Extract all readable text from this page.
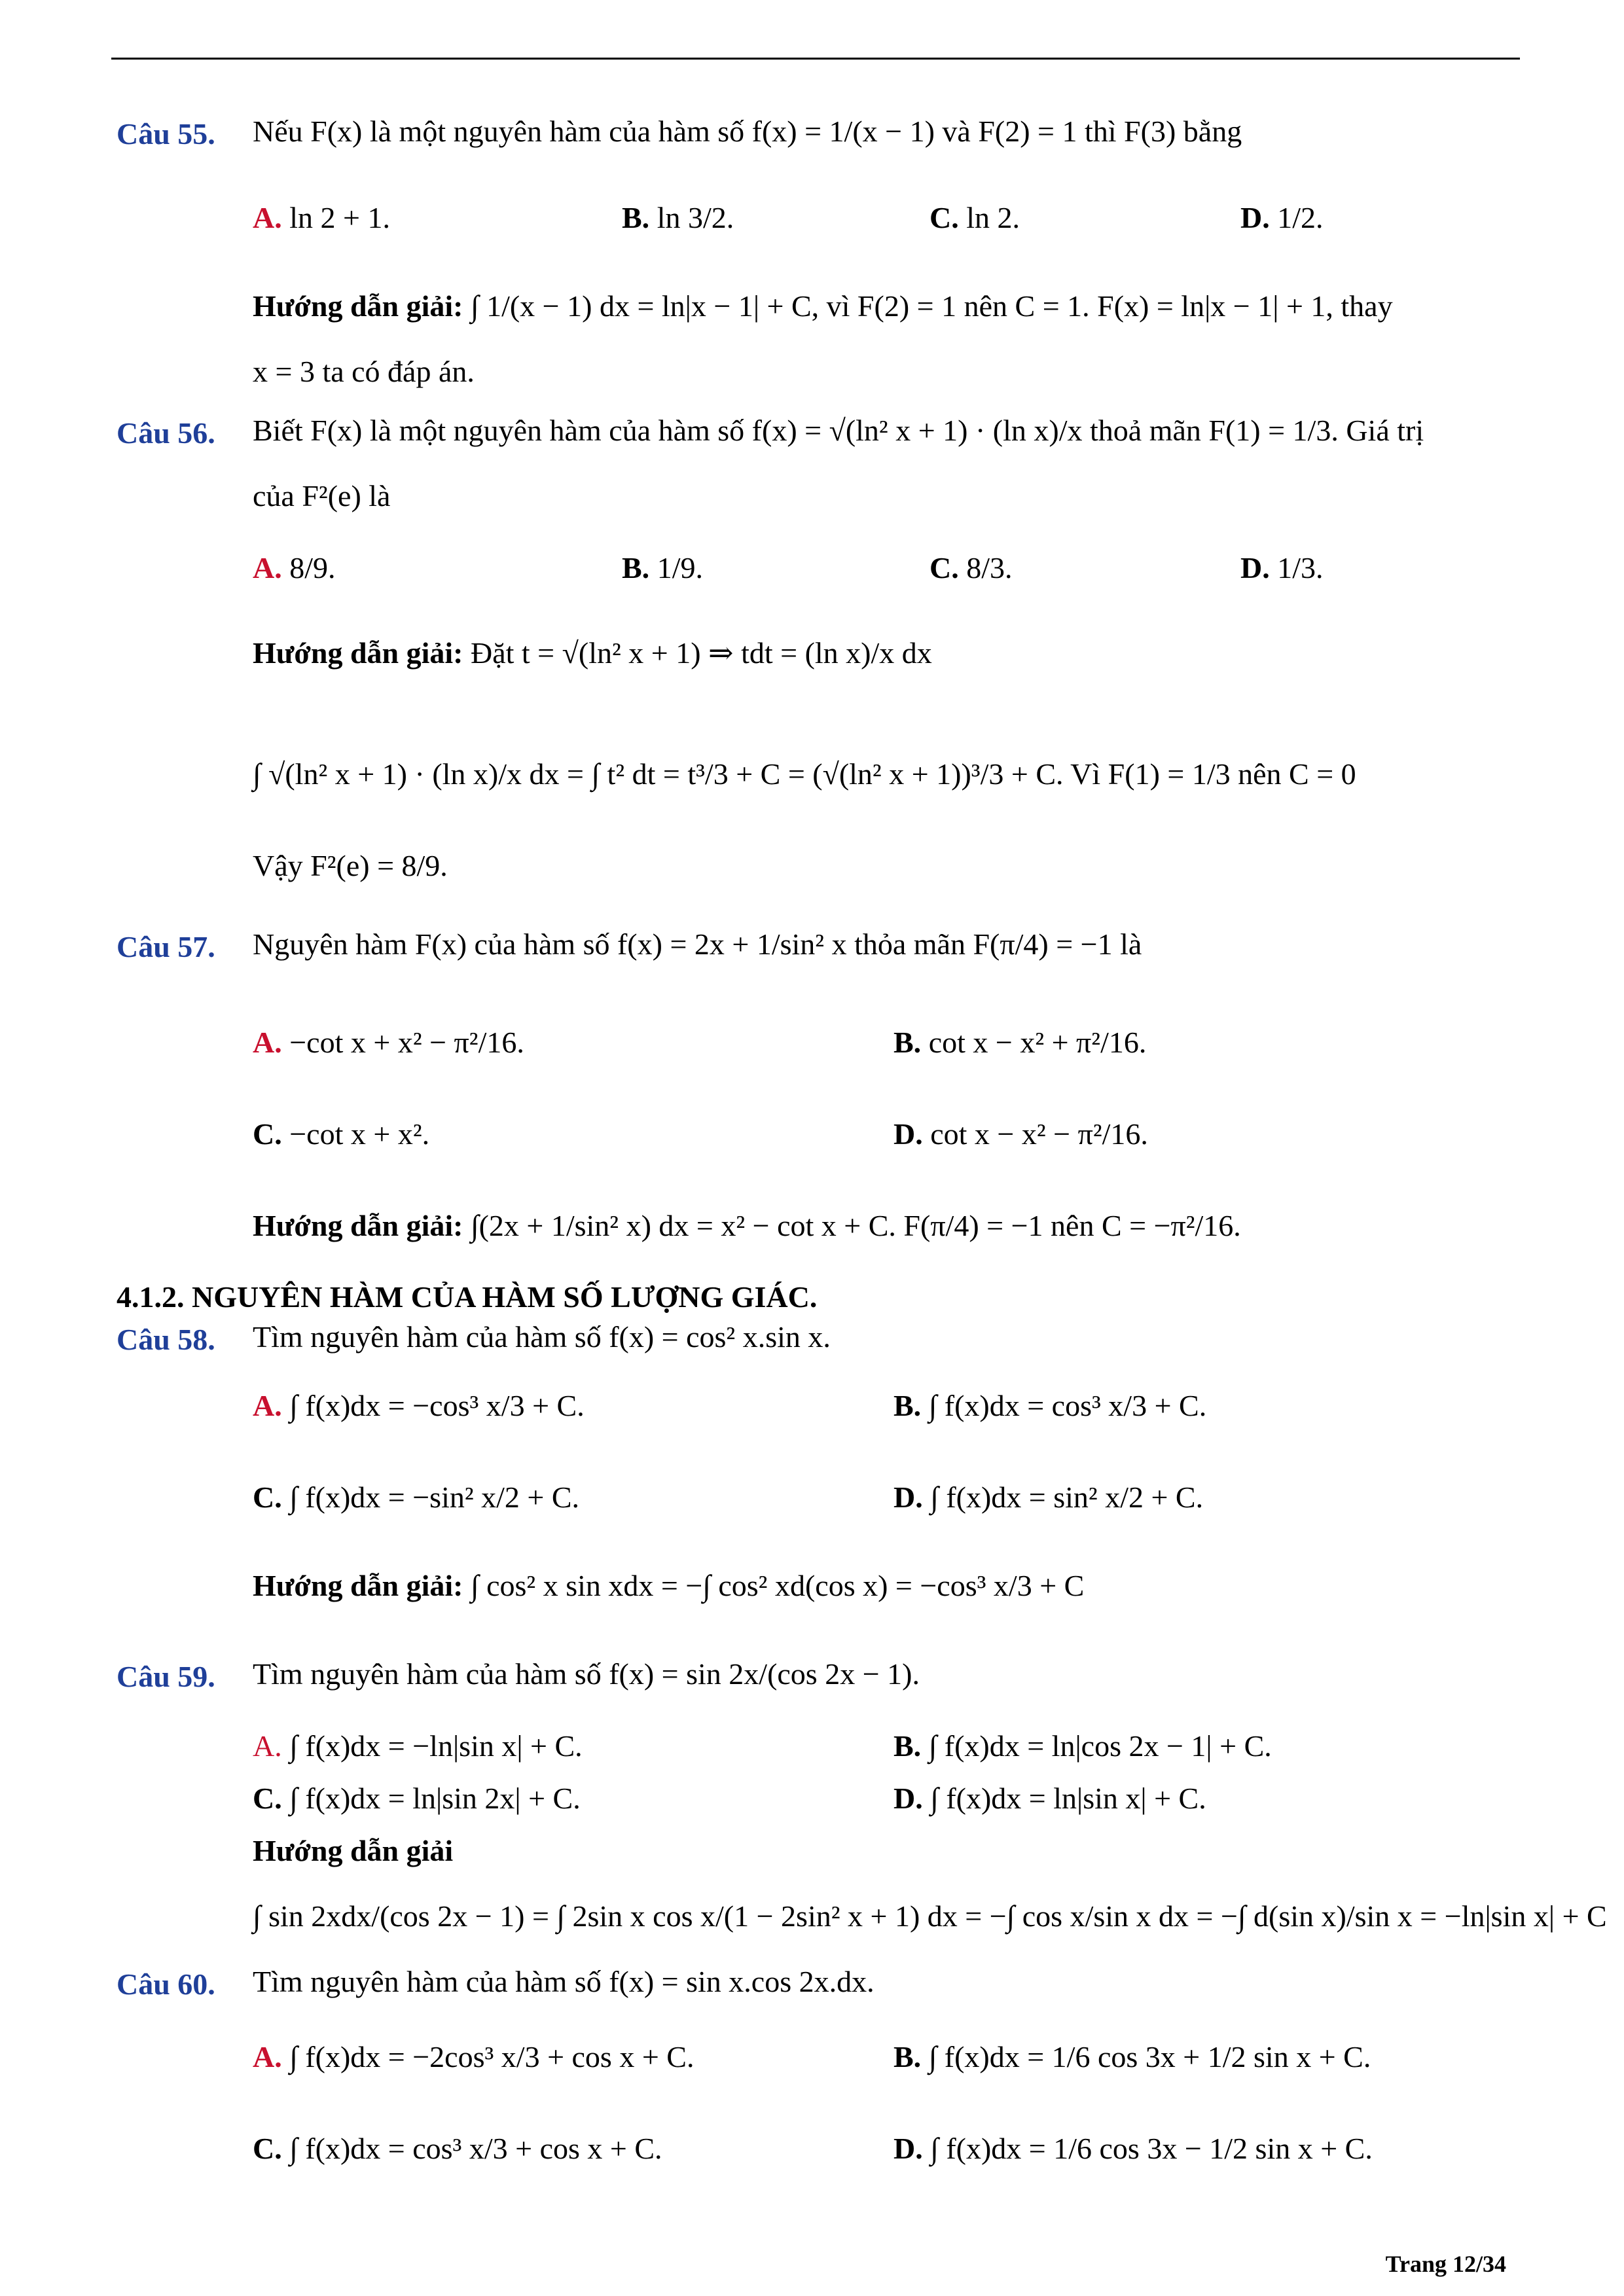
Câu 55. Nếu F(x) là một nguyên hàm của hàm số f(x) = 1/(x − 1) và F(2) = 1 thì F(3) bằng
A. ln 2 + 1.	B. ln 3/2.	C. ln 2.	D. 1/2.
Hướng dẫn giải: ∫ 1/(x − 1) dx = ln|x − 1| + C, vì F(2) = 1 nên C = 1. F(x) = ln|x − 1| + 1, thay
x = 3 ta có đáp án.
Câu 56. Biết F(x) là một nguyên hàm của hàm số f(x) = √(ln² x + 1) · (ln x)/x thoả mãn F(1) = 1/3. Giá trị
của F²(e) là
A. 8/9.	B. 1/9.	C. 8/3.	D. 1/3.
Hướng dẫn giải: Đặt t = √(ln² x + 1) ⇒ tdt = (ln x)/x dx
∫ √(ln² x + 1) · (ln x)/x dx = ∫ t² dt = t³/3 + C = (√(ln² x + 1))³/3 + C. Vì F(1) = 1/3 nên C = 0
Vậy F²(e) = 8/9.
Câu 57. Nguyên hàm F(x) của hàm số f(x) = 2x + 1/sin² x thỏa mãn F(π/4) = −1 là
A. −cot x + x² − π²/16.	B. cot x − x² + π²/16.
C. −cot x + x².	D. cot x − x² − π²/16.
Hướng dẫn giải: ∫(2x + 1/sin² x) dx = x² − cot x + C. F(π/4) = −1 nên C = −π²/16.
4.1.2. NGUYÊN HÀM CỦA HÀM SỐ LƯỢNG GIÁC.
Câu 58. Tìm nguyên hàm của hàm số f(x) = cos² x.sin x.
A. ∫ f(x)dx = −cos³ x/3 + C.	B. ∫ f(x)dx = cos³ x/3 + C.
C. ∫ f(x)dx = −sin² x/2 + C.	D. ∫ f(x)dx = sin² x/2 + C.
Hướng dẫn giải: ∫ cos² x sin xdx = −∫ cos² xd(cos x) = −cos³ x/3 + C
Câu 59. Tìm nguyên hàm của hàm số f(x) = sin 2x/(cos 2x − 1).
A. ∫ f(x)dx = −ln|sin x| + C.	B. ∫ f(x)dx = ln|cos 2x − 1| + C.
C. ∫ f(x)dx = ln|sin 2x| + C.	D. ∫ f(x)dx = ln|sin x| + C.
Hướng dẫn giải
∫ sin 2xdx/(cos 2x − 1) = ∫ 2sin x cos x/(1 − 2sin² x + 1) dx = −∫ cos x/sin x dx = −∫ d(sin x)/sin x = −ln|sin x| + C
Câu 60. Tìm nguyên hàm của hàm số f(x) = sin x.cos 2x.dx.
A. ∫ f(x)dx = −2cos³ x/3 + cos x + C.	B. ∫ f(x)dx = 1/6 cos 3x + 1/2 sin x + C.
C. ∫ f(x)dx = cos³ x/3 + cos x + C.	D. ∫ f(x)dx = 1/6 cos 3x − 1/2 sin x + C.
Trang 12/34
